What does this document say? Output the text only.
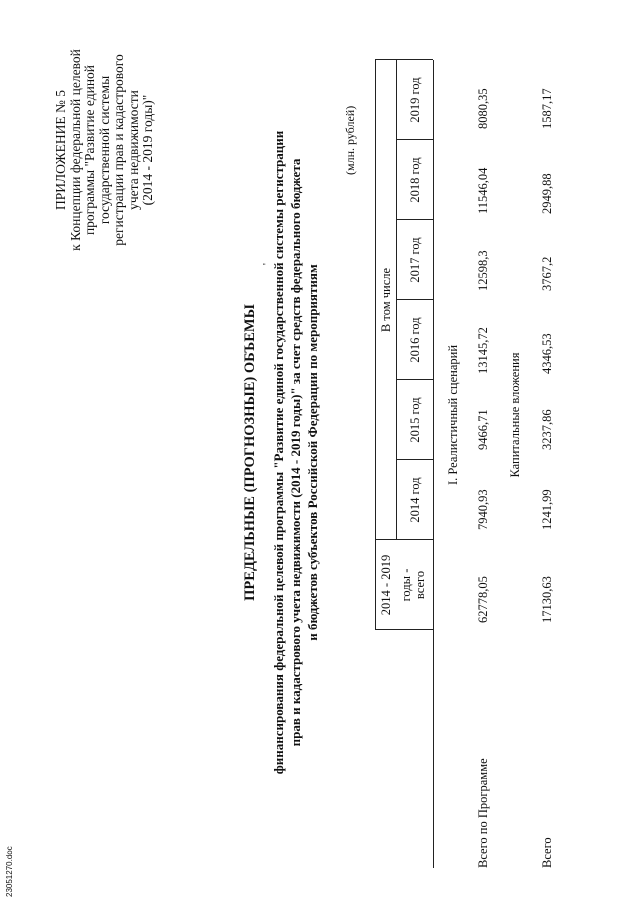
ПРИЛОЖЕНИЕ № 5 к Концепции федеральной целевой программы "Развитие единой государственной системы регистрации прав и кадастрового учета недвижимости (2014 - 2019 годы)"
'
ПРЕДЕЛЬНЫЕ (ПРОГНОЗНЫЕ) ОБЪЕМЫ финансирования федеральной целевой программы "Развитие единой государственной системы регистрации прав и кадастрового учета недвижимости (2014 - 2019 годы)" за счет средств федерального бюджета и бюджетов субъектов Российской Федерации по мероприятиям
(млн. рублей)
2014 - 2019 годы - всего
В том числе
2014 год
2015 год
2016 год
2017 год
2018 год
2019 год
I. Реалистичный сценарий
Всего по Программе
62778,05
7940,93
9466,71
13145,72
12598,3
11546,04
8080,35
Капитальные вложения
Всего
17130,63
1241,99
3237,86
4346,53
3767,2
2949,88
1587,17
23051270.doc
